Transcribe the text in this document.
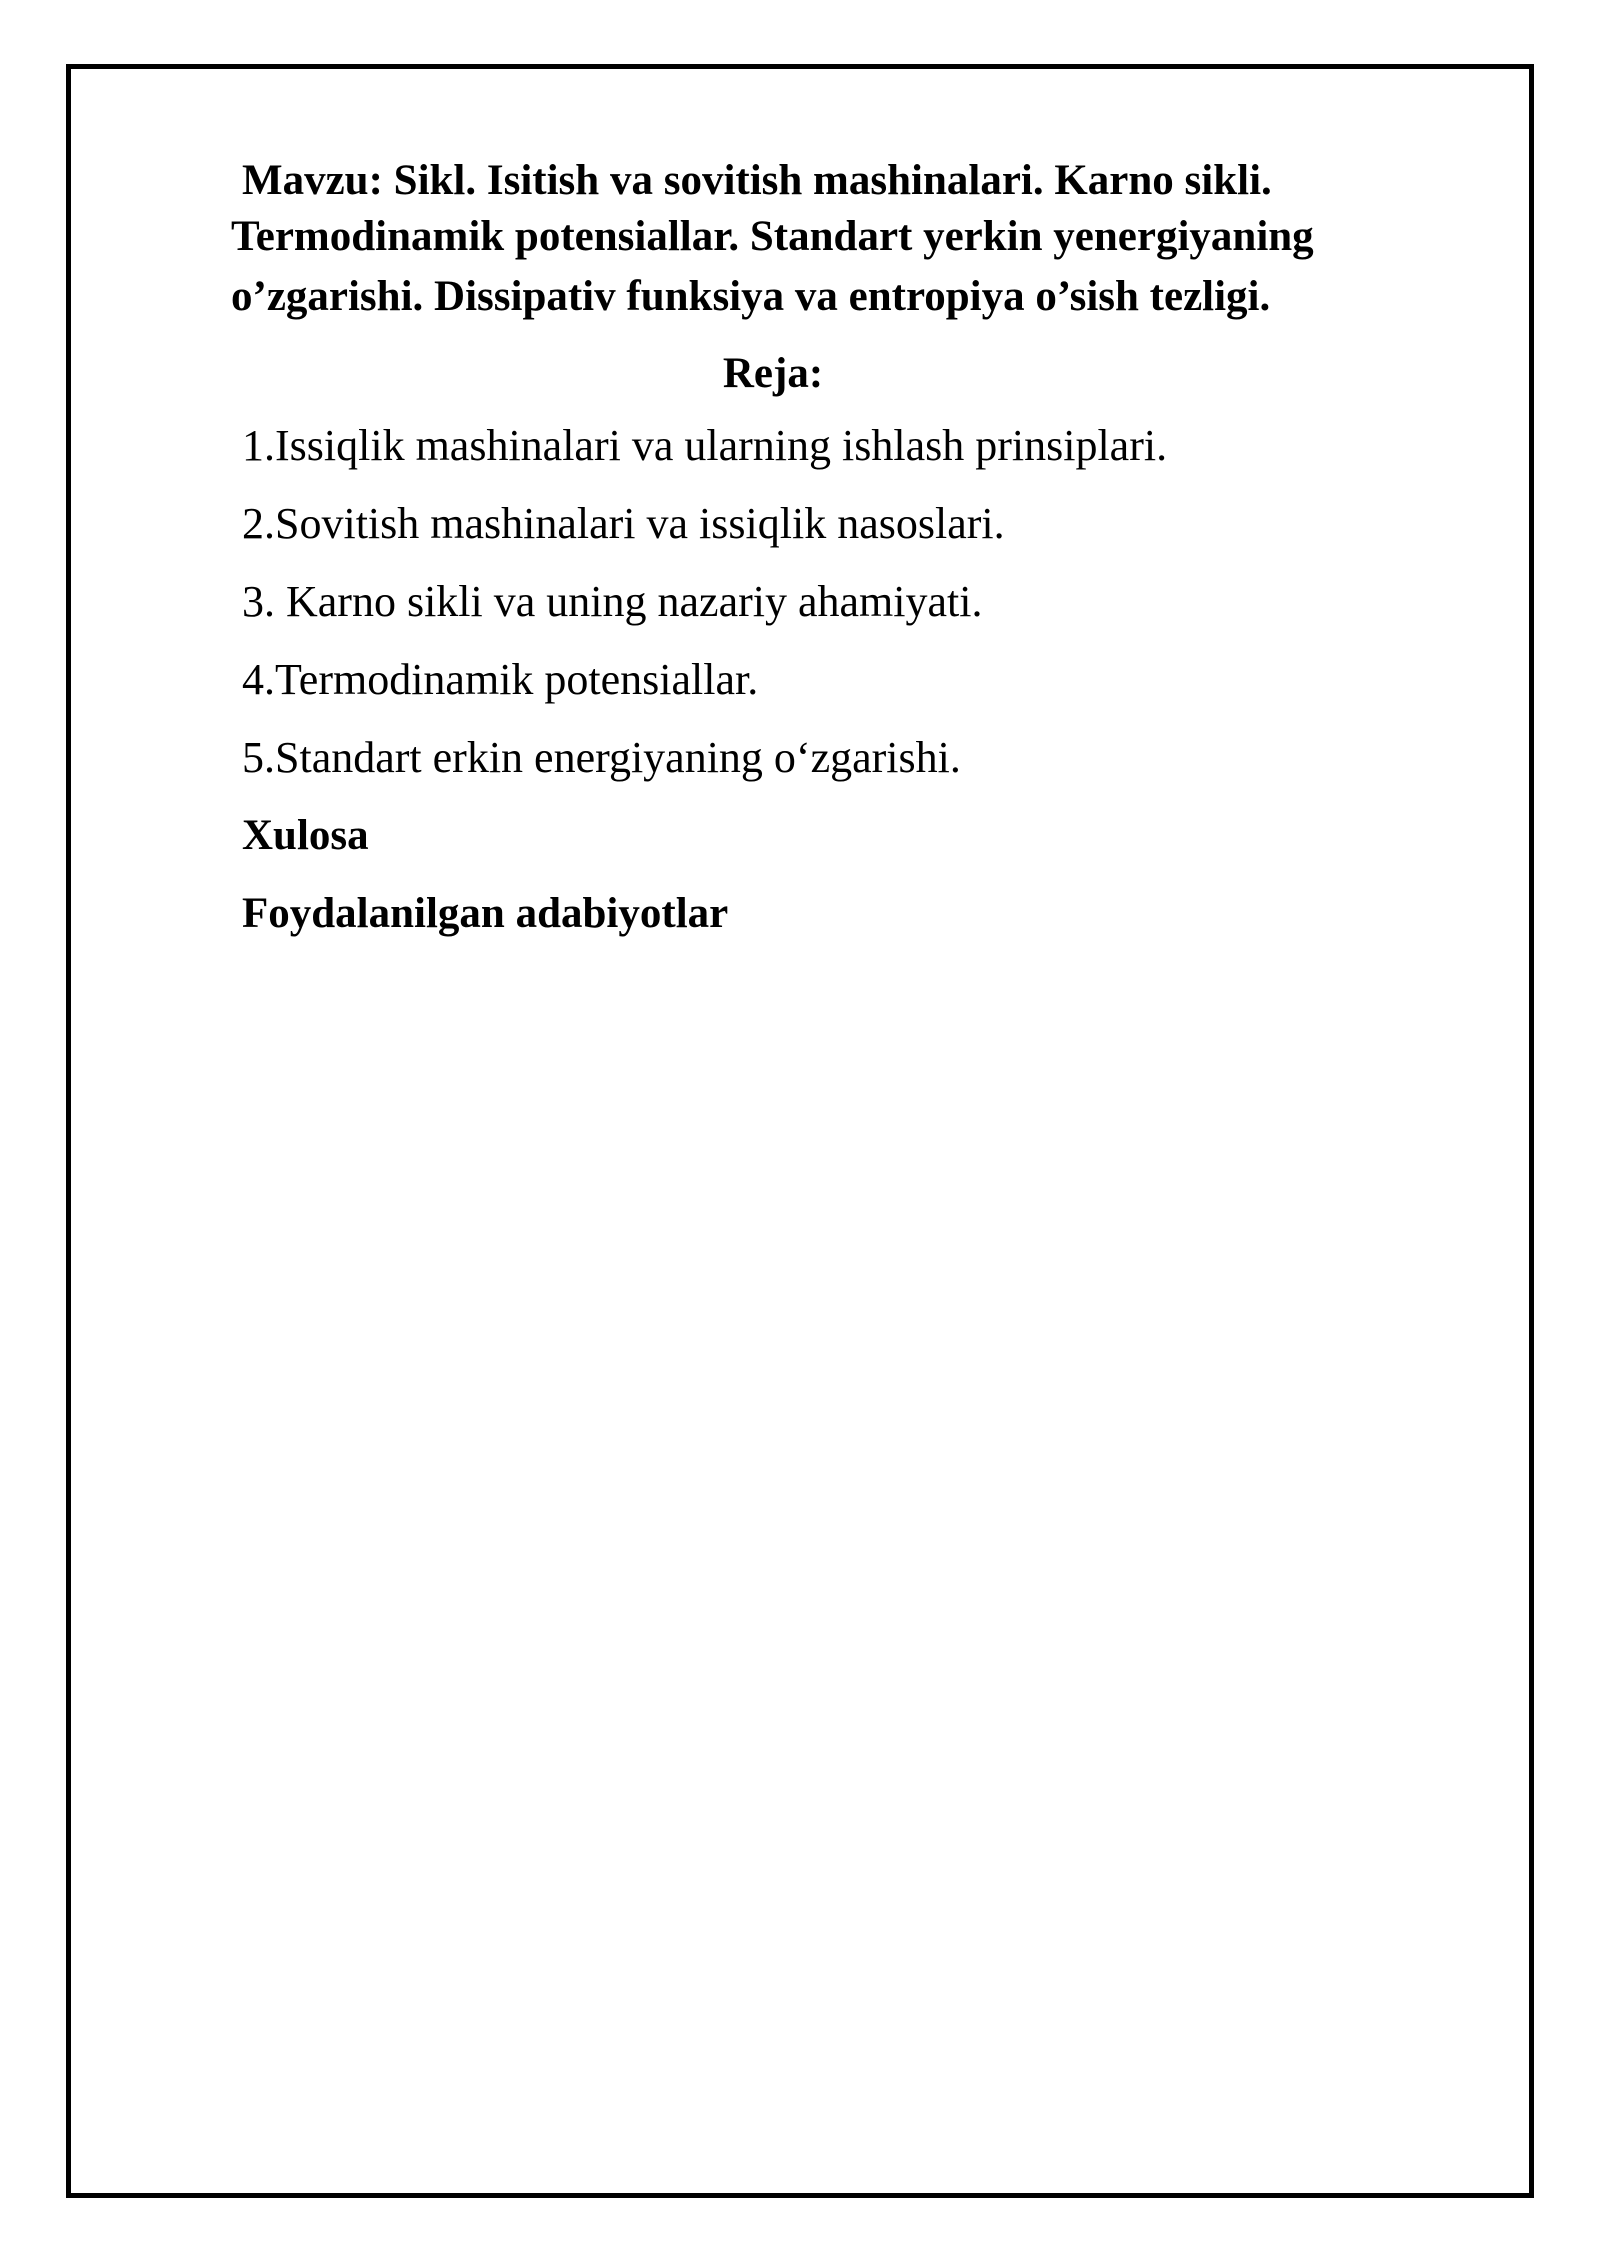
Mavzu: Sikl. Isitish va sovitish mashinalari. Karno sikli.
Termodinamik potensiallar. Standart yerkin yenergiyaning
o’zgarishi. Dissipativ funksiya va entropiya o’sish tezligi.
Reja:
1.Issiqlik mashinalari va ularning ishlash prinsiplari.
2.Sovitish mashinalari va issiqlik nasoslari.
3. Karno sikli va uning nazariy ahamiyati.
4.Termodinamik potensiallar.
5.Standart erkin energiyaning o‘zgarishi.

Xulosa

Foydalanilgan adabiyotlar
